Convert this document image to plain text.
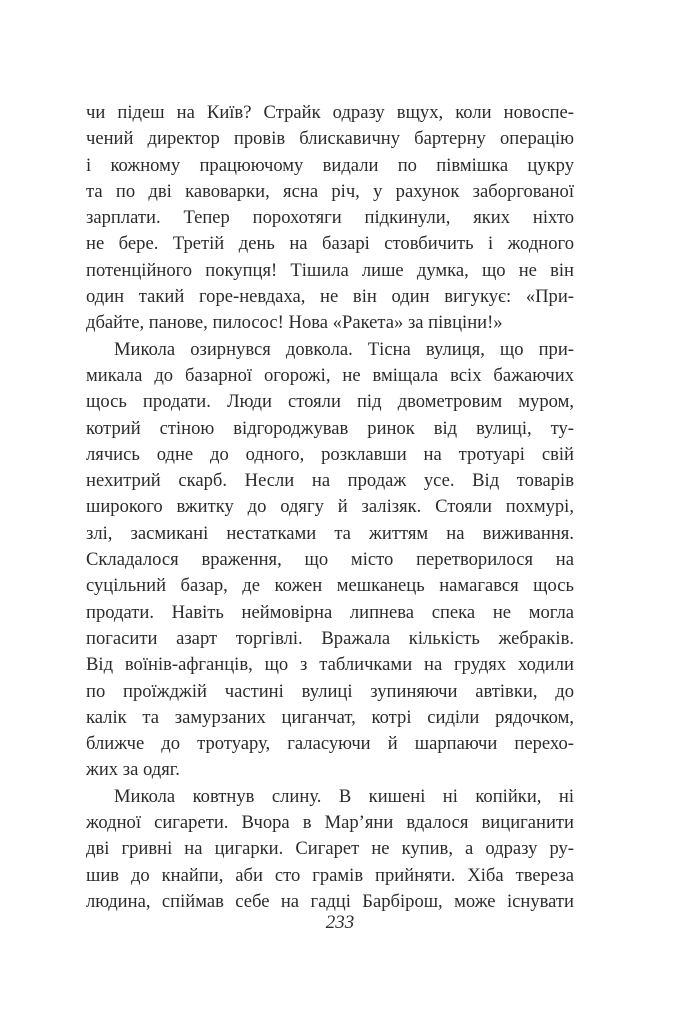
чи підеш на Київ? Страйк одразу вщух, коли новоспе-
чений директор провів блискавичну бартерну операцію
і кожному працюючому видали по півмішка цукру
та по дві кавоварки, ясна річ, у рахунок заборгованої
зарплати. Тепер порохотяги підкинули, яких ніхто
не бере. Третій день на базарі стовбичить і жодного
потенційного покупця! Тішила лише думка, що не він
один такий горе-невдаха, не він один вигукує: «При-
дбайте, панове, пилосос! Нова «Ракета» за півціни!»
Микола озирнувся довкола. Тісна вулиця, що при-
микала до базарної огорожі, не вміщала всіх бажаючих
щось продати. Люди стояли під двометровим муром,
котрий стіною відгороджував ринок від вулиці, ту-
лячись одне до одного, розклавши на тротуарі свій
нехитрий скарб. Несли на продаж усе. Від товарів
широкого вжитку до одягу й залізяк. Стояли похмурі,
злі, засмикані нестатками та життям на виживання.
Складалося враження, що місто перетворилося на
суцільний базар, де кожен мешканець намагався щось
продати. Навіть неймовірна липнева спека не могла
погасити азарт торгівлі. Вражала кількість жебраків.
Від воїнів-афганців, що з табличками на грудях ходили
по проїжджій частині вулиці зупиняючи автівки, до
калік та замурзаних циганчат, котрі сиділи рядочком,
ближче до тротуару, галасуючи й шарпаючи перехо-
жих за одяг.
Микола ковтнув слину. В кишені ні копійки, ні
жодної сигарети. Вчора в Мар’яни вдалося вициганити
дві гривні на цигарки. Сигарет не купив, а одразу ру-
шив до кнайпи, аби сто грамів прийняти. Хіба твереза
людина, спіймав себе на гадці Барбірош, може існувати
233
